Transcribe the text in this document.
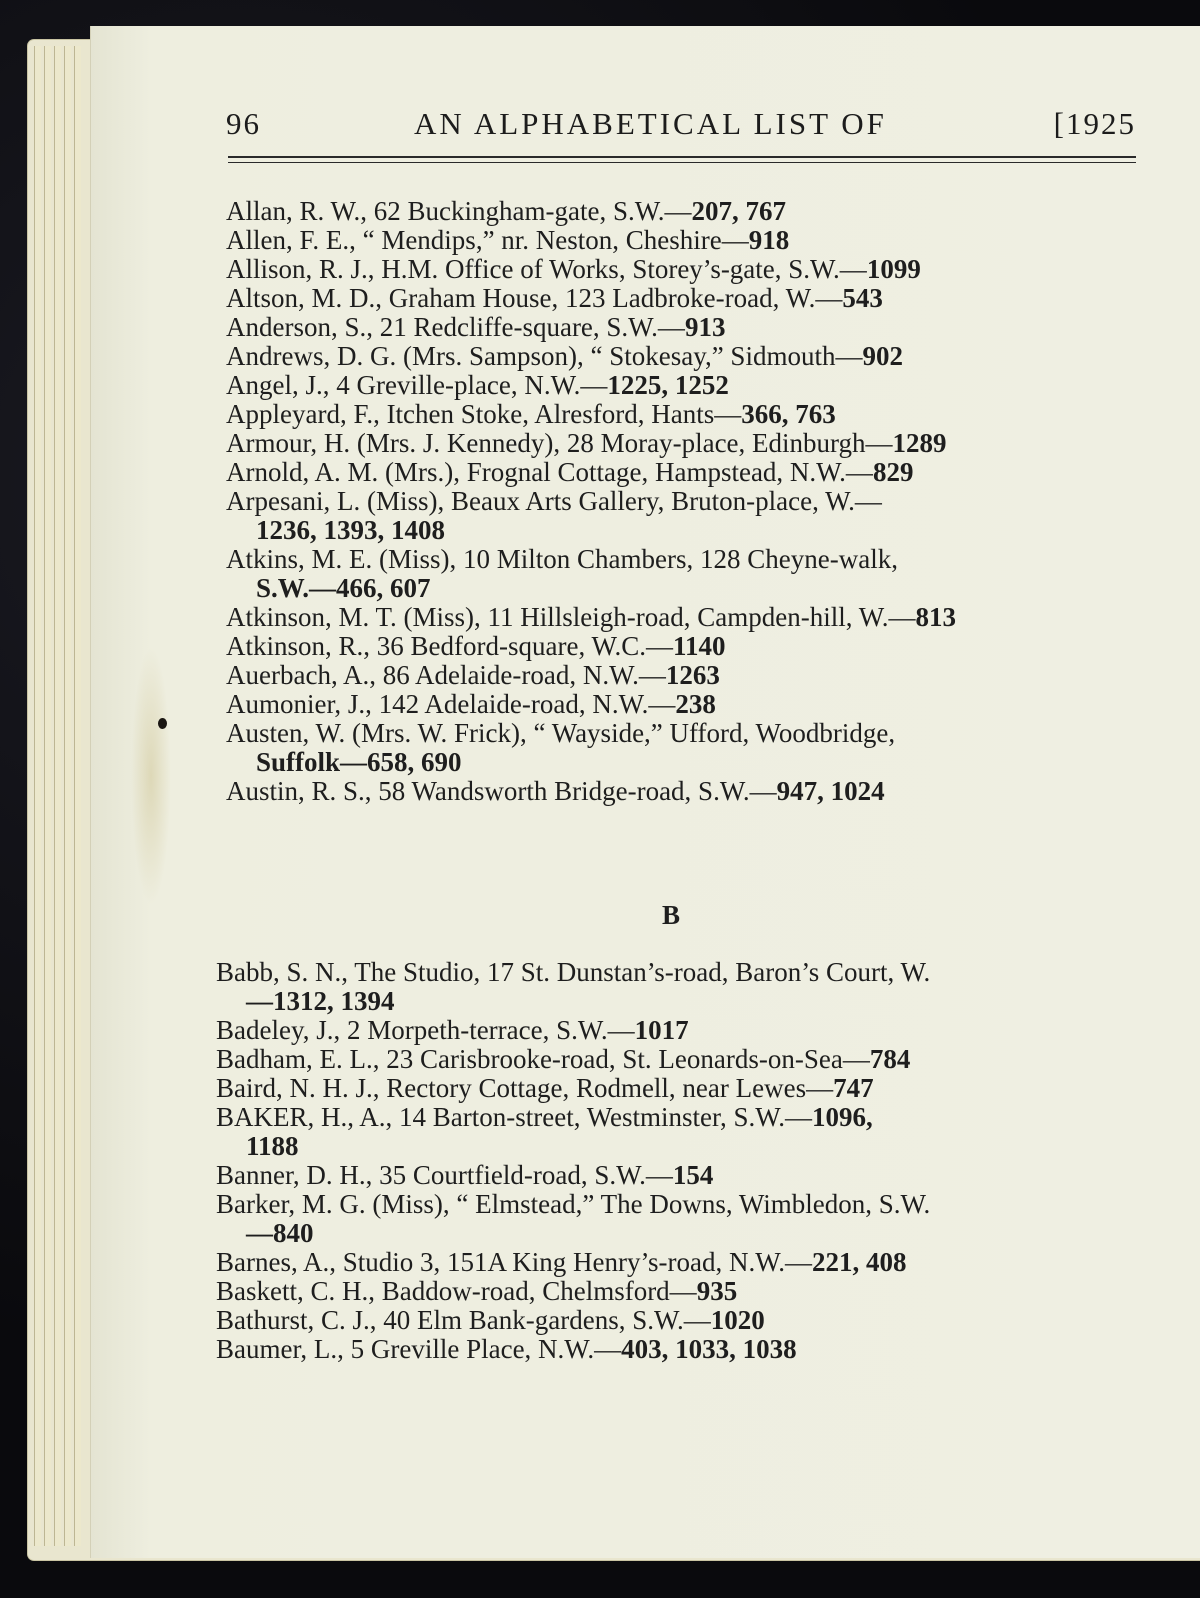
96	AN ALPHABETICAL LIST OF	[1925

Allan, R. W., 62 Buckingham-gate, S.W.—207, 767

Allen, F. E., “ Mendips,” nr. Neston, Cheshire—918

Allison, R. J., H.M. Office of Works, Storey’s-gate, S.W.—1099

Altson, M. D., Graham House, 123 Ladbroke-road, W.—543

Anderson, S., 21 Redcliffe-square, S.W.—913

Andrews, D. G. (Mrs. Sampson), “ Stokesay,” Sidmouth—902

Angel, J., 4 Greville-place, N.W.—1225, 1252

Appleyard, F., Itchen Stoke, Alresford, Hants—366, 763

Armour, H. (Mrs. J. Kennedy), 28 Moray-place, Edinburgh—1289

Arnold, A. M. (Mrs.), Frognal Cottage, Hampstead, N.W.—829

Arpesani, L. (Miss), Beaux Arts Gallery, Bruton-place, W.—
1236, 1393, 1408

Atkins, M. E. (Miss), 10 Milton Chambers, 128 Cheyne-walk,
S.W.—466, 607

Atkinson, M. T. (Miss), 11 Hillsleigh-road, Campden-hill, W.—813

Atkinson, R., 36 Bedford-square, W.C.—1140

Auerbach, A., 86 Adelaide-road, N.W.—1263

Aumonier, J., 142 Adelaide-road, N.W.—238

Austen, W. (Mrs. W. Frick), “ Wayside,” Ufford, Woodbridge,
Suffolk—658, 690

Austin, R. S., 58 Wandsworth Bridge-road, S.W.—947, 1024

B

Babb, S. N., The Studio, 17 St. Dunstan’s-road, Baron’s Court, W.
—1312, 1394

Badeley, J., 2 Morpeth-terrace, S.W.—1017

Badham, E. L., 23 Carisbrooke-road, St. Leonards-on-Sea—784

Baird, N. H. J., Rectory Cottage, Rodmell, near Lewes—747

BAKER, H., A., 14 Barton-street, Westminster, S.W.—1096,
1188

Banner, D. H., 35 Courtfield-road, S.W.—154

Barker, M. G. (Miss), “ Elmstead,” The Downs, Wimbledon, S.W.
—840

Barnes, A., Studio 3, 151A King Henry’s-road, N.W.—221, 408

Baskett, C. H., Baddow-road, Chelmsford—935

Bathurst, C. J., 40 Elm Bank-gardens, S.W.—1020

Baumer, L., 5 Greville Place, N.W.—403, 1033, 1038
